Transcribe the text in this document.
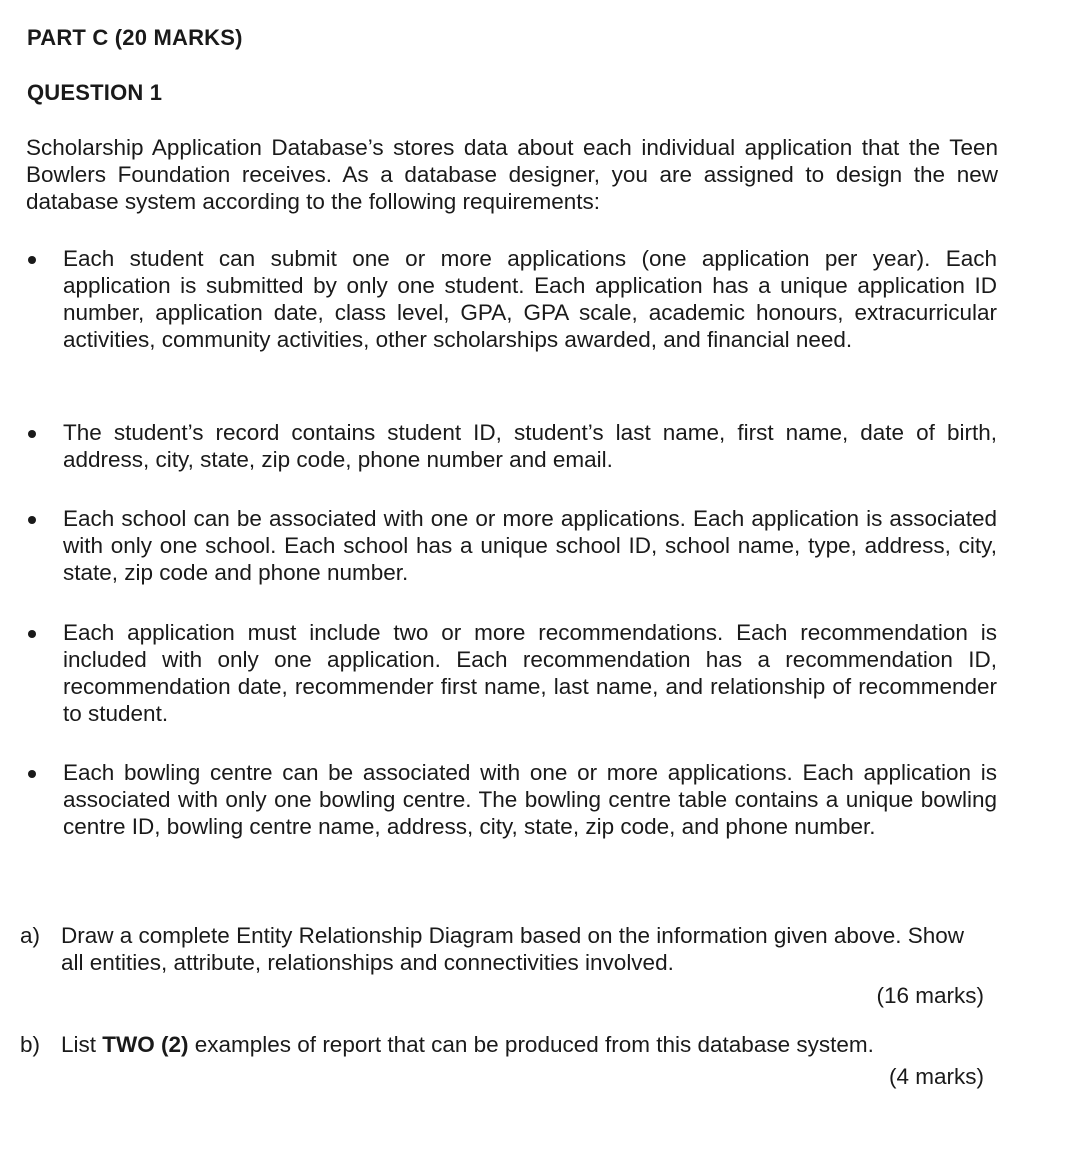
PART C (20 MARKS)
QUESTION 1
Scholarship Application Database’s stores data about each individual application that the Teen Bowlers Foundation receives. As a database designer, you are assigned to design the new database system according to the following requirements:
Each student can submit one or more applications (one application per year). Each application is submitted by only one student. Each application has a unique application ID number, application date, class level, GPA, GPA scale, academic honours, extracurricular activities, community activities, other scholarships awarded, and financial need.
The student’s record contains student ID, student’s last name, first name, date of birth, address, city, state, zip code, phone number and email.
Each school can be associated with one or more applications. Each application is associated with only one school. Each school has a unique school ID, school name, type, address, city, state, zip code and phone number.
Each application must include two or more recommendations. Each recommendation is included with only one application. Each recommendation has a recommendation ID, recommendation date, recommender first name, last name, and relationship of recommender to student.
Each bowling centre can be associated with one or more applications. Each application is associated with only one bowling centre. The bowling centre table contains a unique bowling centre ID, bowling centre name, address, city, state, zip code, and phone number.
a) Draw a complete Entity Relationship Diagram based on the information given above. Show all entities, attribute, relationships and connectivities involved.
(16 marks)
b) List TWO (2) examples of report that can be produced from this database system.
(4 marks)
